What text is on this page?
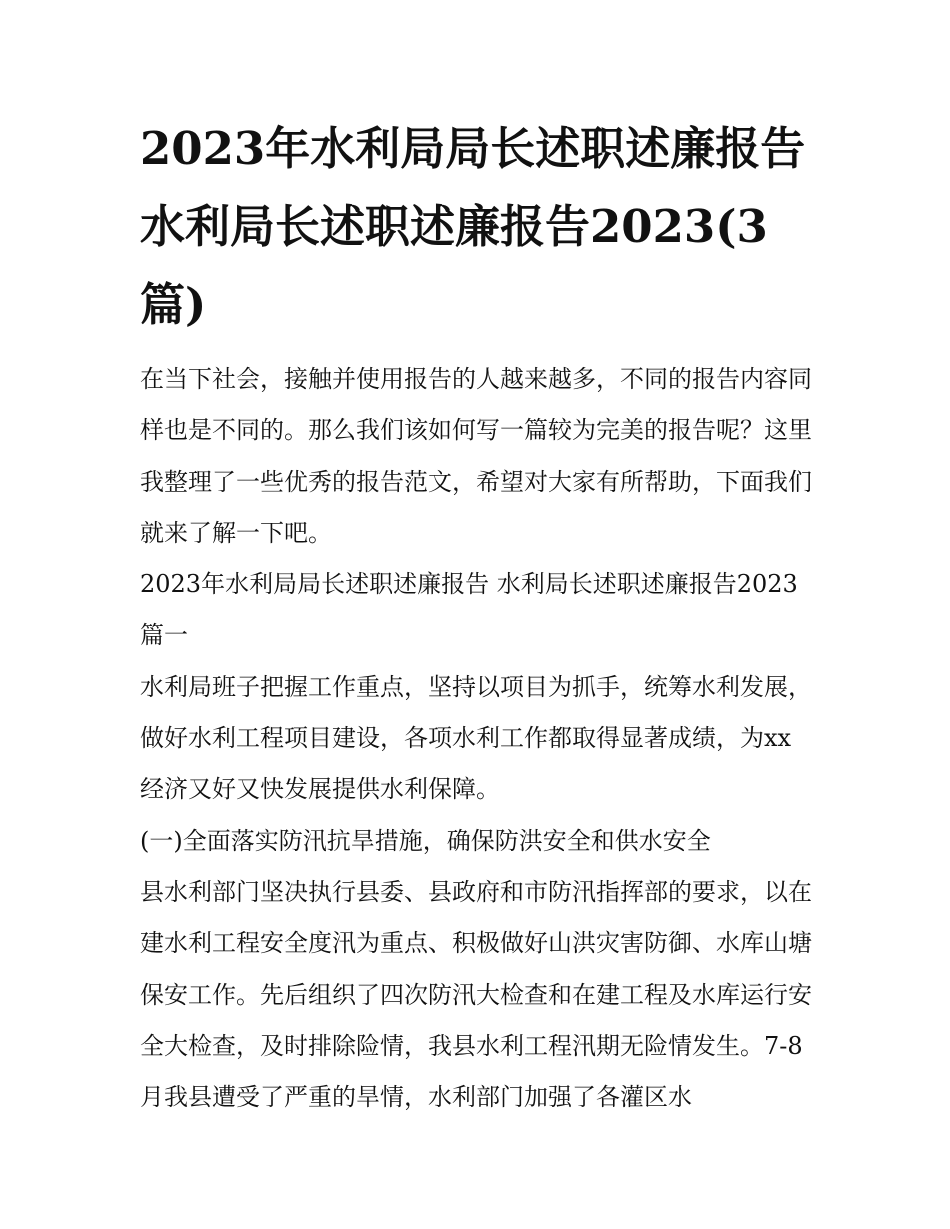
2023年水利局局长述职述廉报告 水利局长述职述廉报告2023(3篇)

在当下社会，接触并使用报告的人越来越多，不同的报告内容同样也是不同的。那么我们该如何写一篇较为完美的报告呢？这里我整理了一些优秀的报告范文，希望对大家有所帮助，下面我们就来了解一下吧。

2023年水利局局长述职述廉报告 水利局长述职述廉报告2023篇一

水利局班子把握工作重点，坚持以项目为抓手，统筹水利发展，做好水利工程项目建设，各项水利工作都取得显著成绩，为xx经济又好又快发展提供水利保障。

(一)全面落实防汛抗旱措施，确保防洪安全和供水安全

县水利部门坚决执行县委、县政府和市防汛指挥部的要求，以在建水利工程安全度汛为重点、积极做好山洪灾害防御、水库山塘保安工作。先后组织了四次防汛大检查和在建工程及水库运行安全大检查，及时排除险情，我县水利工程汛期无险情发生。7-8月我县遭受了严重的旱情，水利部门加强了各灌区水
